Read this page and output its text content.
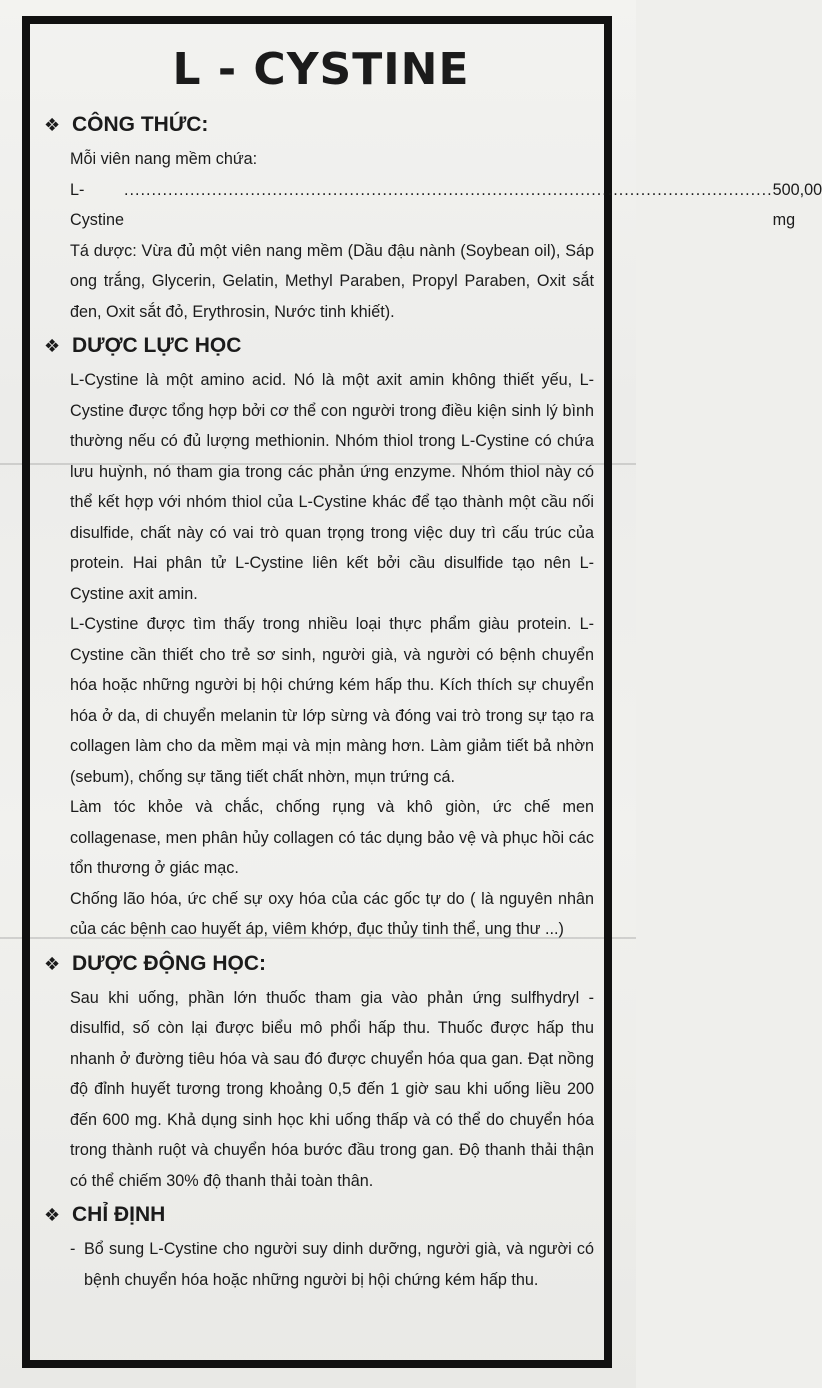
L - CYSTINE
❖ CÔNG THỨC:

Mỗi viên nang mềm chứa:

L-Cystine
...................................................................................................................... 500,00 mg

Tá dược: Vừa đủ một viên nang mềm (Dầu đậu nành (Soybean oil), Sáp ong trắng, Glycerin, Gelatin, Methyl Paraben, Propyl Paraben, Oxit sắt đen, Oxit sắt đỏ, Erythrosin, Nước tinh khiết).

❖ DƯỢC LỰC HỌC

L-Cystine là một amino acid. Nó là một axit amin không thiết yếu, L-Cystine được tổng hợp bởi cơ thể con người trong điều kiện sinh lý bình thường nếu có đủ lượng methionin. Nhóm thiol trong L-Cystine có chứa lưu huỳnh, nó tham gia trong các phản ứng enzyme. Nhóm thiol này có thể kết hợp với nhóm thiol của L-Cystine khác để tạo thành một cầu nối disulfide, chất này có vai trò quan trọng trong việc duy trì cấu trúc của protein. Hai phân tử L-Cystine liên kết bởi cầu disulfide tạo nên L-Cystine axit amin.

L-Cystine được tìm thấy trong nhiều loại thực phẩm giàu protein. L-Cystine cần thiết cho trẻ sơ sinh, người già, và người có bệnh chuyển hóa hoặc những người bị hội chứng kém hấp thu. Kích thích sự chuyển hóa ở da, di chuyển melanin từ lớp sừng và đóng vai trò trong sự tạo ra collagen làm cho da mềm mại và mịn màng hơn. Làm giảm tiết bả nhờn (sebum), chống sự tăng tiết chất nhờn, mụn trứng cá.

Làm tóc khỏe và chắc, chống rụng và khô giòn, ức chế men collagenase, men phân hủy collagen có tác dụng bảo vệ và phục hồi các tổn thương ở giác mạc.

Chống lão hóa, ức chế sự oxy hóa của các gốc tự do ( là nguyên nhân của các bệnh cao huyết áp, viêm khớp, đục thủy tinh thể, ung thư ...)

❖ DƯỢC ĐỘNG HỌC:

Sau khi uống, phần lớn thuốc tham gia vào phản ứng sulfhydryl - disulfid, số còn lại được biểu mô phổi hấp thu. Thuốc được hấp thu nhanh ở đường tiêu hóa và sau đó được chuyển hóa qua gan. Đạt nồng độ đỉnh huyết tương trong khoảng 0,5 đến 1 giờ sau khi uống liều 200 đến 600 mg. Khả dụng sinh học khi uống thấp và có thể do chuyển hóa trong thành ruột và chuyển hóa bước đầu trong gan. Độ thanh thải thận có thể chiếm 30% độ thanh thải toàn thân.

❖ CHỈ ĐỊNH
- Bổ sung L-Cystine cho người suy dinh dưỡng, người già, và người có bệnh chuyển hóa hoặc những người bị hội chứng kém hấp thu.
